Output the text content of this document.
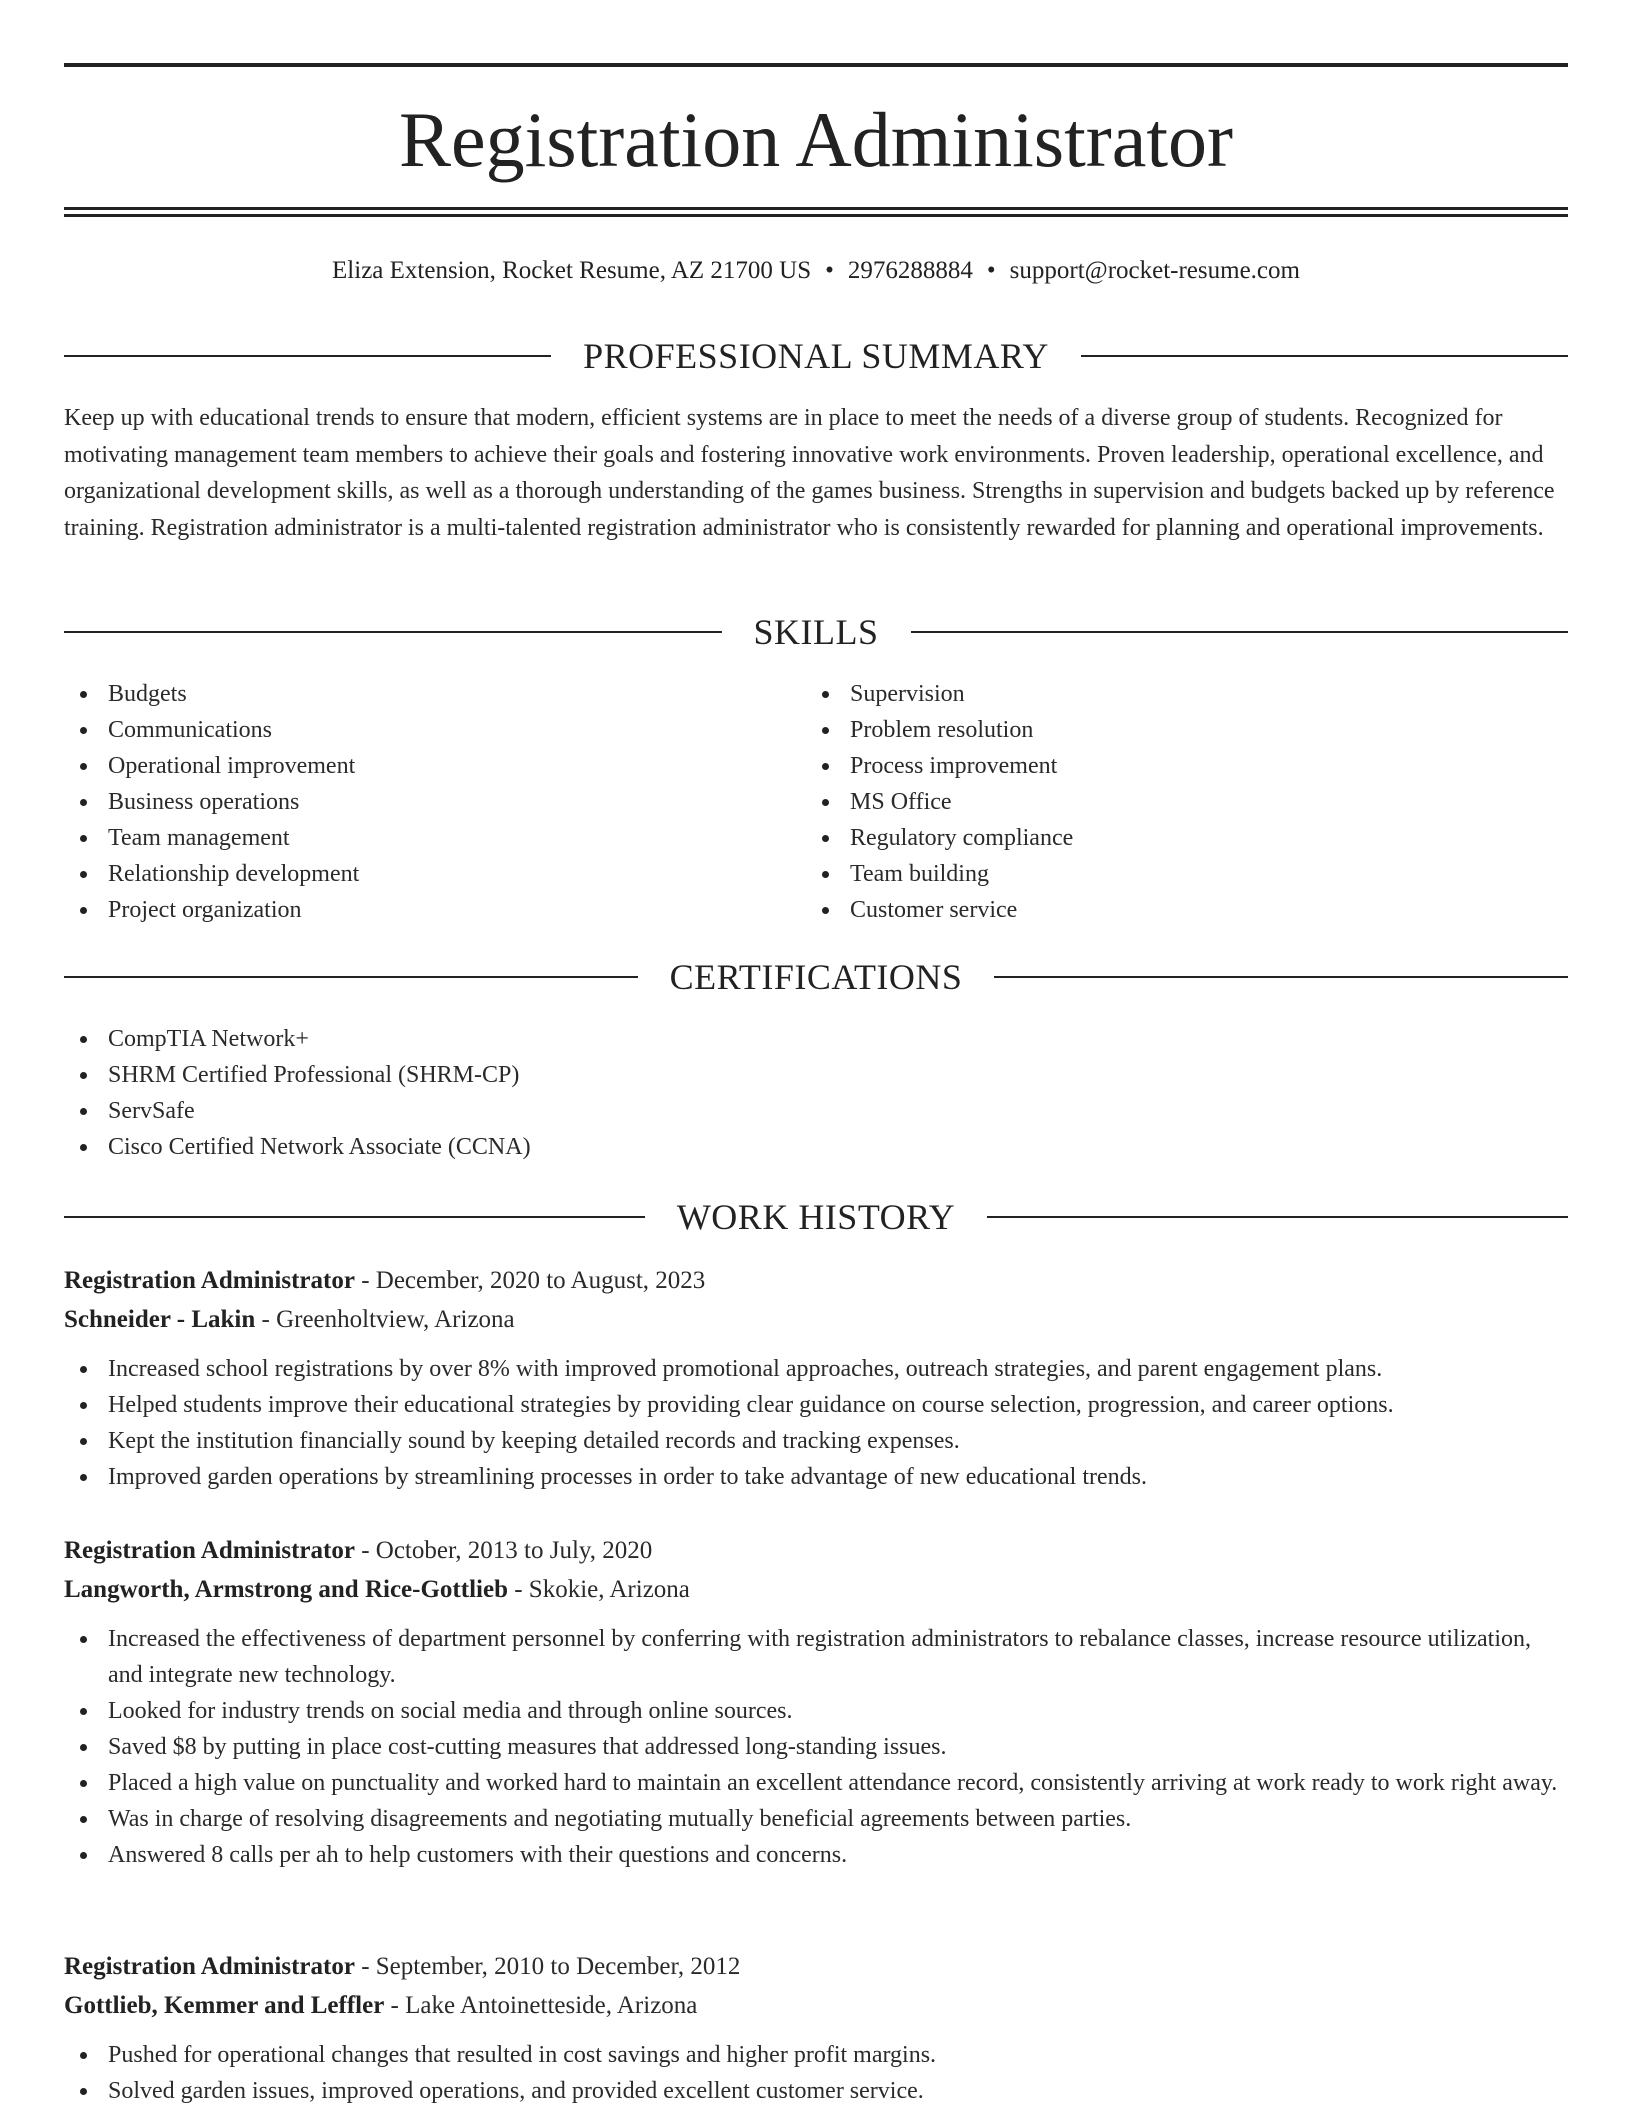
Registration Administrator
Eliza Extension, Rocket Resume, AZ 21700 US • 2976288884 • support@rocket-resume.com
PROFESSIONAL SUMMARY

Keep up with educational trends to ensure that modern, efficient systems are in place to meet the needs of a diverse group of students. Recognized for motivating management team members to achieve their goals and fostering innovative work environments. Proven leadership, operational excellence, and organizational development skills, as well as a thorough understanding of the games business. Strengths in supervision and budgets backed up by reference training. Registration administrator is a multi-talented registration administrator who is consistently rewarded for planning and operational improvements.

SKILLS
Budgets
Communications
Operational improvement
Business operations
Team management
Relationship development
Project organization
Supervision
Problem resolution
Process improvement
MS Office
Regulatory compliance
Team building
Customer service
CERTIFICATIONS
CompTIA Network+
SHRM Certified Professional (SHRM-CP)
ServSafe
Cisco Certified Network Associate (CCNA)
WORK HISTORY
Registration Administrator - December, 2020 to August, 2023
Schneider - Lakin - Greenholtview, Arizona
Increased school registrations by over 8% with improved promotional approaches, outreach strategies, and parent engagement plans.
Helped students improve their educational strategies by providing clear guidance on course selection, progression, and career options.
Kept the institution financially sound by keeping detailed records and tracking expenses.
Improved garden operations by streamlining processes in order to take advantage of new educational trends.
Registration Administrator - October, 2013 to July, 2020
Langworth, Armstrong and Rice-Gottlieb - Skokie, Arizona
Increased the effectiveness of department personnel by conferring with registration administrators to rebalance classes, increase resource utilization, and integrate new technology.
Looked for industry trends on social media and through online sources.
Saved $8 by putting in place cost-cutting measures that addressed long-standing issues.
Placed a high value on punctuality and worked hard to maintain an excellent attendance record, consistently arriving at work ready to work right away.
Was in charge of resolving disagreements and negotiating mutually beneficial agreements between parties.
Answered 8 calls per ah to help customers with their questions and concerns.
Registration Administrator - September, 2010 to December, 2012
Gottlieb, Kemmer and Leffler - Lake Antoinetteside, Arizona
Pushed for operational changes that resulted in cost savings and higher profit margins.
Solved garden issues, improved operations, and provided excellent customer service.
